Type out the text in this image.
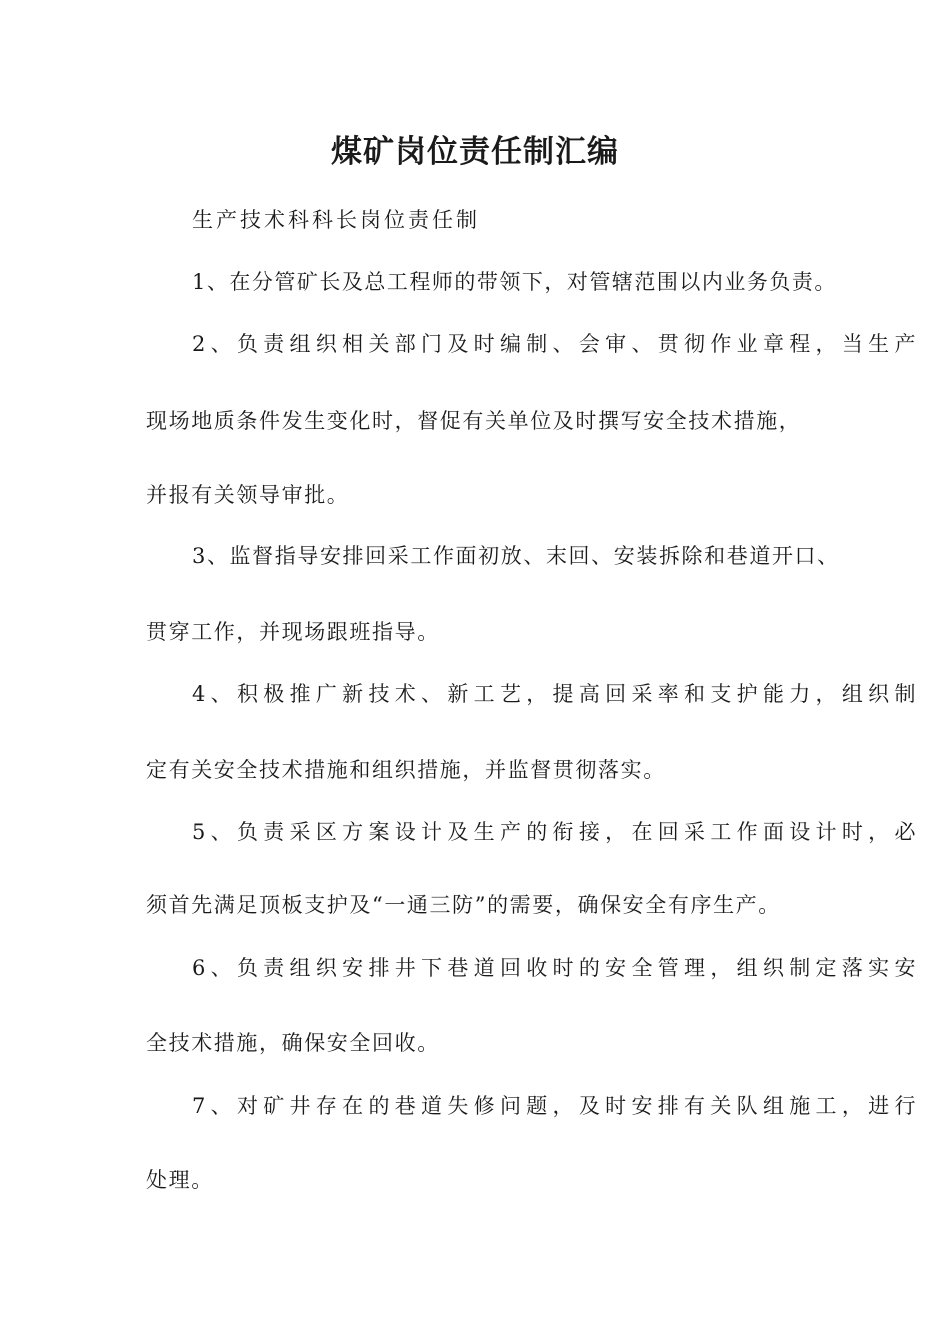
煤矿岗位责任制汇编

生产技术科科长岗位责任制

1、在分管矿长及总工程师的带领下，对管辖范围以内业务负责。

2、负责组织相关部门及时编制、会审、贯彻作业章程，当生产

现场地质条件发生变化时，督促有关单位及时撰写安全技术措施，

并报有关领导审批。

3、监督指导安排回采工作面初放、末回、安装拆除和巷道开口、

贯穿工作，并现场跟班指导。

4、积极推广新技术、新工艺，提高回采率和支护能力，组织制

定有关安全技术措施和组织措施，并监督贯彻落实。

5、负责采区方案设计及生产的衔接，在回采工作面设计时，必

须首先满足顶板支护及“一通三防”的需要，确保安全有序生产。

6、负责组织安排井下巷道回收时的安全管理，组织制定落实安

全技术措施，确保安全回收。

7、对矿井存在的巷道失修问题，及时安排有关队组施工，进行

处理。
